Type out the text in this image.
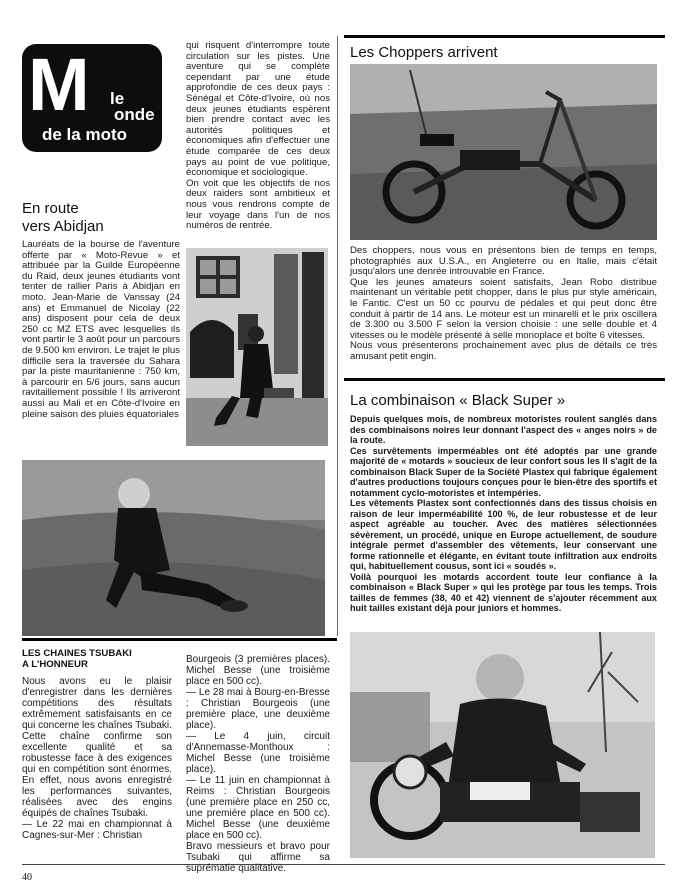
M le
onde
de la moto
En route
vers Abidjan
Lauréats de la bourse de l'aventure offerte par « Moto-Revue » et attribuée par la Guilde Européenne du Raid, deux jeunes étudiants vont tenter de rallier Paris à Abidjan en moto. Jean-Marie de Vanssay (24 ans) et Emmanuel de Nicolay (22 ans) disposent pour cela de deux 250 cc MZ ETS avec lesquelles ils vont partir le 3 août pour un parcours de 9.500 km environ. Le trajet le plus difficile sera la traversée du Sahara par la piste mauritanienne : 750 km, à parcourir en 5/6 jours, sans aucun ravitaillement possible ! Ils arriveront aussi au Mali et en Côte-d'Ivoire en pleine saison des pluies équatoriales
qui risquent d'interrompre toute circulation sur les pistes. Une aventure qui se complète cependant par une étude approfondie de ces deux pays : Sénégal et Côte-d'Ivoire, où nos deux jeunes étudiants espèrent bien prendre contact avec les autorités politiques et économiques afin d'effectuer une étude comparée de ces deux pays au point de vue politique, économique et sociologique.
On voit que les objectifs de nos deux raiders sont ambitieux et nous vous rendrons compte de leur voyage dans l'un de nos numéros de rentrée.
Les Choppers arrivent
Des choppers, nous vous en présentons bien de temps en temps, photographiés aux U.S.A., en Angleterre ou en Italie, mais c'était jusqu'alors une denrée introuvable en France.
Que les jeunes amateurs soient satisfaits, Jean Robo distribue maintenant un véritable petit chopper, dans le plus pur style américain, le Fantic. C'est un 50 cc pourvu de pédales et qui peut donc être conduit à partir de 14 ans. Le moteur est un minarelli et le prix oscillera de 3.300 ou 3.500 F selon la version choisie : une selle double et 4 vitesses ou le modèle présenté à selle monoplace et boîte 6 vitesses.
Nous vous présenterons prochainement avec plus de détails ce très amusant petit engin.
La combinaison « Black Super »
Depuis quelques mois, de nombreux motoristes roulent sanglés dans des combinaisons noires leur donnant l'aspect des « anges noirs » de la route.
Ces survêtements imperméables ont été adoptés par une grande majorité de « motards » soucieux de leur confort sous les Il s'agit de la combinaison Black Super de la Société Plastex qui fabrique également d'autres productions toujours conçues pour le bien-être des sportifs et notamment cyclo-motoristes et intempéries.
Les vêtements Plastex sont confectionnés dans des tissus choisis en raison de leur imperméabilité 100 %, de leur robustesse et de leur aspect agréable au toucher. Avec des matières sélectionnées sévèrement, un procédé, unique en Europe actuellement, de soudure intégrale permet d'assembler des vêtements, leur conservant une forme rationnelle et élégante, en évitant toute infiltration aux endroits qui, habituellement cousus, sont ici « soudés ».
Voilà pourquoi les motards accordent toute leur confiance à la combinaison « Black Super » qui les protège par tous les temps. Trois tailles de femmes (38, 40 et 42) viennent de s'ajouter récemment aux huit tailles existant déjà pour juniors et hommes.
LES CHAINES TSUBAKI
A L'HONNEUR
Nous avons eu le plaisir d'enregistrer dans les dernières compétitions des résultats extrêmement satisfaisants en ce qui concerne les chaînes Tsubaki.
Cette chaîne confirme son excellente qualité et sa robustesse face à des exigences qui en compétition sont énormes. En effet, nous avons enregistré les performances suivantes, réalisées avec des engins équipés de chaînes Tsubaki.
— Le 22 mai en championnat à Cagnes-sur-Mer : Christian
Bourgeois (3 premières places). Michel Besse (une troisième place en 500 cc).
— Le 28 mai à Bourg-en-Bresse : Christian Bourgeois (une première place, une deuxième place).
— Le 4 juin, circuit d'Annemasse-Monthoux : Michel Besse (une troisième place).
— Le 11 juin en championnat à Reims : Christian Bourgeois (une première place en 250 cc, une première place en 500 cc). Michel Besse (une deuxième place en 500 cc).
Bravo messieurs et bravo pour Tsubaki qui affirme sa suprématie qualitative.
40
